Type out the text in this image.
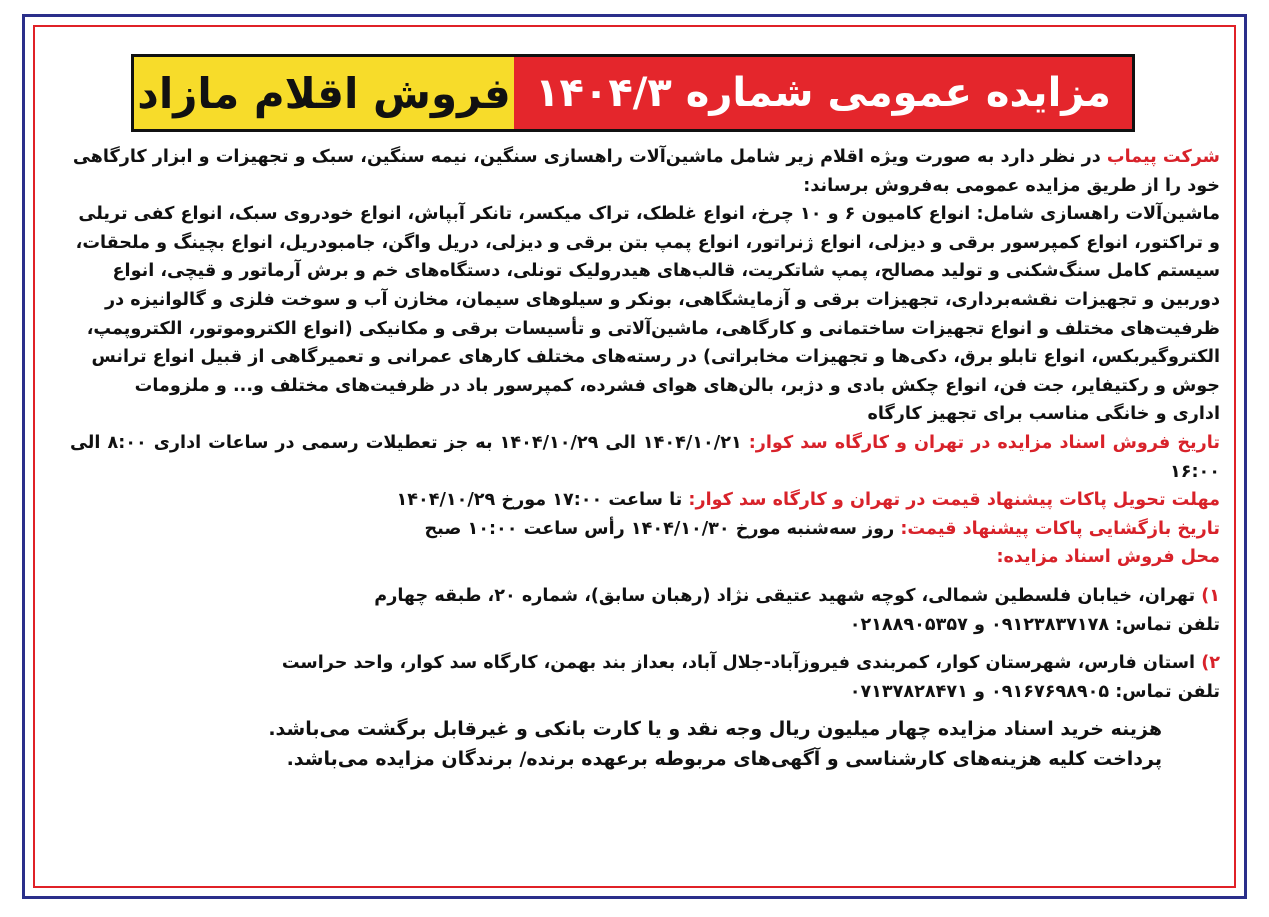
مزایده عمومی شماره ۱۴۰۴/۳
فروش اقلام مازاد

شرکت پیماب در نظر دارد به صورت ویژه اقلام زیر شامل ماشین‌آلات راهسازی سنگین، نیمه سنگین، سبک و تجهیزات و ابزار کارگاهی

خود را از طریق مزایده عمومی به‌فروش برساند:

ماشین‌آلات راهسازی شامل: انواع کامیون ۶ و ۱۰ چرخ، انواع غلطک، تراک میکسر، تانکر آبپاش، انواع خودروی سبک، انواع کفی تریلی

و تراکتور، انواع کمپرسور برقی و دیزلی، انواع ژنراتور، انواع پمپ بتن برقی و دیزلی، دریل واگن، جامبودریل، انواع بچینگ و ملحقات،

سیستم کامل سنگ‌شکنی و تولید مصالح، پمپ شاتکریت، قالب‌های هیدرولیک تونلی، دستگاه‌های خم و برش آرماتور و قیچی، انواع

دوربین و تجهیزات نقشه‌برداری، تجهیزات برقی و آزمایشگاهی، بونکر و سیلوهای سیمان، مخازن آب و سوخت فلزی و گالوانیزه در

ظرفیت‌های مختلف و انواع تجهیزات ساختمانی و کارگاهی، ماشین‌آلاتی و تأسیسات برقی و مکانیکی (انواع الکتروموتور، الکتروپمپ،

الکتروگیربکس، انواع تابلو برق، دکی‌ها و تجهیزات مخابراتی) در رسته‌های مختلف کارهای عمرانی و تعمیرگاهی از قبیل انواع ترانس

جوش و رکتیفایر، جت فن، انواع چکش بادی و دژبر، بالن‌های هوای فشرده، کمپرسور باد در ظرفیت‌های مختلف و... و ملزومات

اداری و خانگی مناسب برای تجهیز کارگاه

تاریخ فروش اسناد مزایده در تهران و کارگاه سد کوار: ۱۴۰۴/۱۰/۲۱ الی ۱۴۰۴/۱۰/۲۹ به جز تعطیلات رسمی در ساعات اداری ۸:۰۰ الی ۱۶:۰۰

مهلت تحویل پاکات پیشنهاد قیمت در تهران و کارگاه سد کوار: تا ساعت ۱۷:۰۰ مورخ ۱۴۰۴/۱۰/۲۹

تاریخ بازگشایی پاکات پیشنهاد قیمت: روز سه‌شنبه مورخ ۱۴۰۴/۱۰/۳۰ رأس ساعت ۱۰:۰۰ صبح

محل فروش اسناد مزایده:

۱) تهران، خیابان فلسطین شمالی، کوچه شهید عتیقی نژاد (رهبان سابق)، شماره ۲۰، طبقه چهارم

تلفن تماس: ۰۹۱۲۳۸۳۷۱۷۸ و ۰۲۱۸۸۹۰۵۳۵۷

۲) استان فارس، شهرستان کوار، کمربندی فیروزآباد-جلال آباد، بعداز بند بهمن، کارگاه سد کوار، واحد حراست

تلفن تماس: ۰۹۱۶۷۶۹۸۹۰۵ و ۰۷۱۳۷۸۲۸۴۷۱

هزینه خرید اسناد مزایده چهار میلیون ریال وجه نقد و یا کارت بانکی و غیرقابل برگشت می‌باشد.

پرداخت کلیه هزینه‌های کارشناسی و آگهی‌های مربوطه برعهده برنده/ برندگان مزایده می‌باشد.
